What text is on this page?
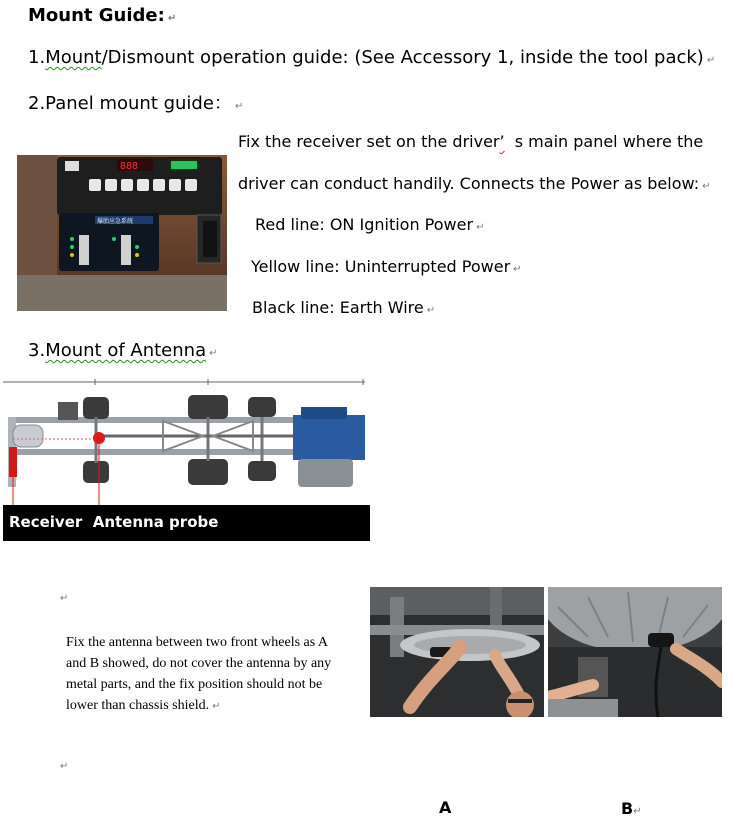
Mount Guide: ↵
1.Mount/Dismount operation guide: (See Accessory 1, inside the tool pack) ↵
2.Panel mount guide： ↵
888
爆胎应急系统
Fix the receiver set on the driver’ s main panel where the
driver can conduct handily. Connects the Power as below: ↵
Red line: ON Ignition Power ↵
Yellow line: Uninterrupted Power ↵
Black line: Earth Wire ↵
3.Mount of Antenna ↵
Receiver  Antenna probe
↵
Fix the antenna between two front wheels as A and B showed, do not cover the antenna by any metal parts, and the fix position should not be lower than chassis shield. ↵
↵
A	B↵
